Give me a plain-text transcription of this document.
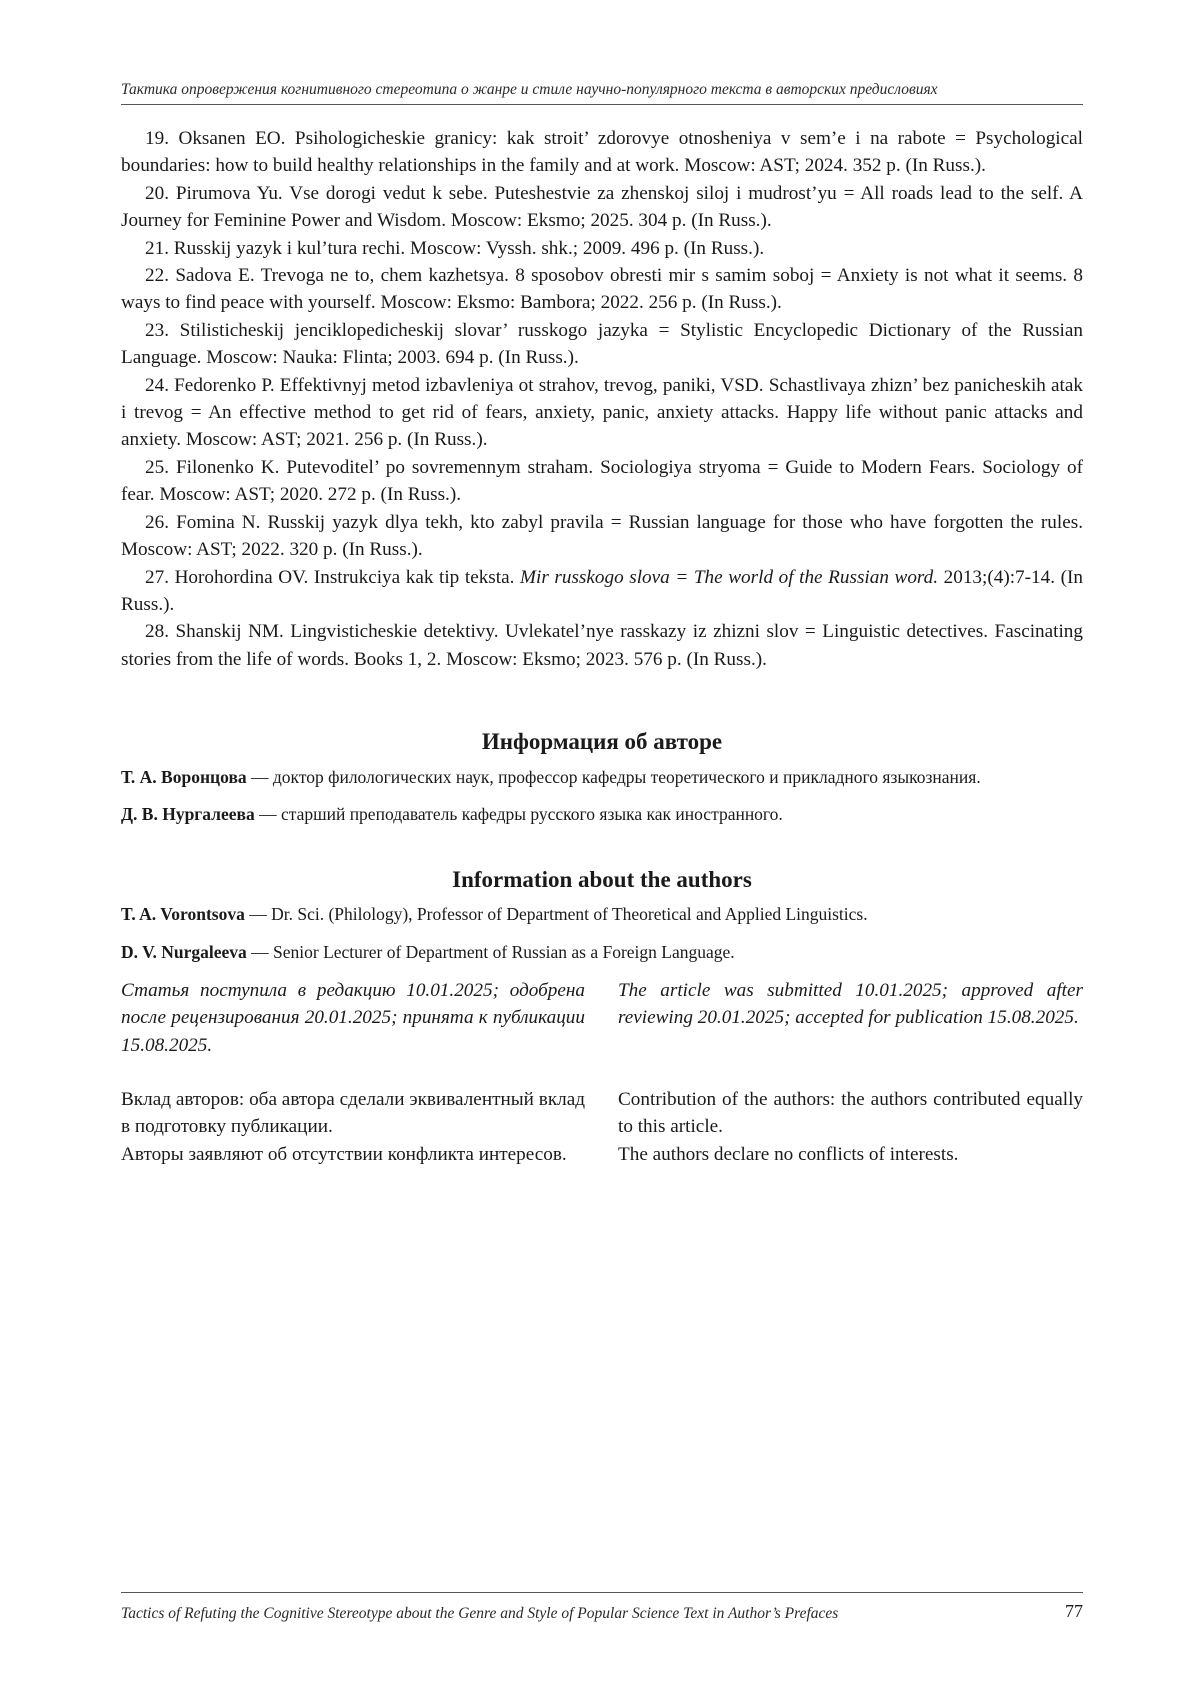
Тактика опровержения когнитивного стереотипа о жанре и стиле научно-популярного текста в авторских предисловиях

19. Oksanen EO. Psihologicheskie granicy: kak stroit’ zdorovye otnosheniya v sem’e i na rabote = Psychological boundaries: how to build healthy relationships in the family and at work. Moscow: AST; 2024. 352 p. (In Russ.).

20. Pirumova Yu. Vse dorogi vedut k sebe. Puteshestvie za zhenskoj siloj i mudrost’yu = All roads lead to the self. A Journey for Feminine Power and Wisdom. Moscow: Eksmo; 2025. 304 p. (In Russ.).

21. Russkij yazyk i kul’tura rechi. Moscow: Vyssh. shk.; 2009. 496 p. (In Russ.).

22. Sadova E. Trevoga ne to, chem kazhetsya. 8 sposobov obresti mir s samim soboj = Anxiety is not what it seems. 8 ways to find peace with yourself. Moscow: Eksmo: Bambora; 2022. 256 p. (In Russ.).

23. Stilisticheskij jenciklopedicheskij slovar’ russkogo jazyka = Stylistic Encyclopedic Dictionary of the Russian Language. Moscow: Nauka: Flinta; 2003. 694 p. (In Russ.).

24. Fedorenko P. Effektivnyj metod izbavleniya ot strahov, trevog, paniki, VSD. Schastlivaya zhizn’ bez panicheskih atak i trevog = An effective method to get rid of fears, anxiety, panic, anxiety attacks. Happy life without panic attacks and anxiety. Moscow: AST; 2021. 256 p. (In Russ.).

25. Filonenko K. Putevoditel’ po sovremennym straham. Sociologiya stryoma = Guide to Modern Fears. Sociology of fear. Moscow: AST; 2020. 272 p. (In Russ.).

26. Fomina N. Russkij yazyk dlya tekh, kto zabyl pravila = Russian language for those who have forgotten the rules. Moscow: AST; 2022. 320 p. (In Russ.).

27. Horohordina OV. Instrukciya kak tip teksta. Mir russkogo slova = The world of the Russian word. 2013;(4):7-14. (In Russ.).

28. Shanskij NM. Lingvisticheskie detektivy. Uvlekatel’nye rasskazy iz zhizni slov = Linguistic detectives. Fascinating stories from the life of words. Books 1, 2. Moscow: Eksmo; 2023. 576 p. (In Russ.).

Информация об авторе

Т. А. Воронцова — доктор филологических наук, профессор кафедры теоретического и прикладного языкознания.

Д. В. Нургалеева — старший преподаватель кафедры русского языка как иностранного.

Information about the authors

T. A. Vorontsova — Dr. Sci. (Philology), Professor of Department of Theoretical and Applied Linguistics.

D. V. Nurgaleeva — Senior Lecturer of Department of Russian as a Foreign Language.

Статья поступила в редакцию 10.01.2025; одобрена после рецензирования 20.01.2025; принята к публикации 15.08.2025.

The article was submitted 10.01.2025; approved after reviewing 20.01.2025; accepted for publication 15.08.2025.

Вклад авторов: оба автора сделали эквивалентный вклад в подготовку публикации.

Авторы заявляют об отсутствии конфликта интересов.

Contribution of the authors: the authors contributed equally to this article.

The authors declare no conflicts of interests.

Tactics of Refuting the Cognitive Stereotype about the Genre and Style of Popular Science Text in Author’s Prefaces	77
